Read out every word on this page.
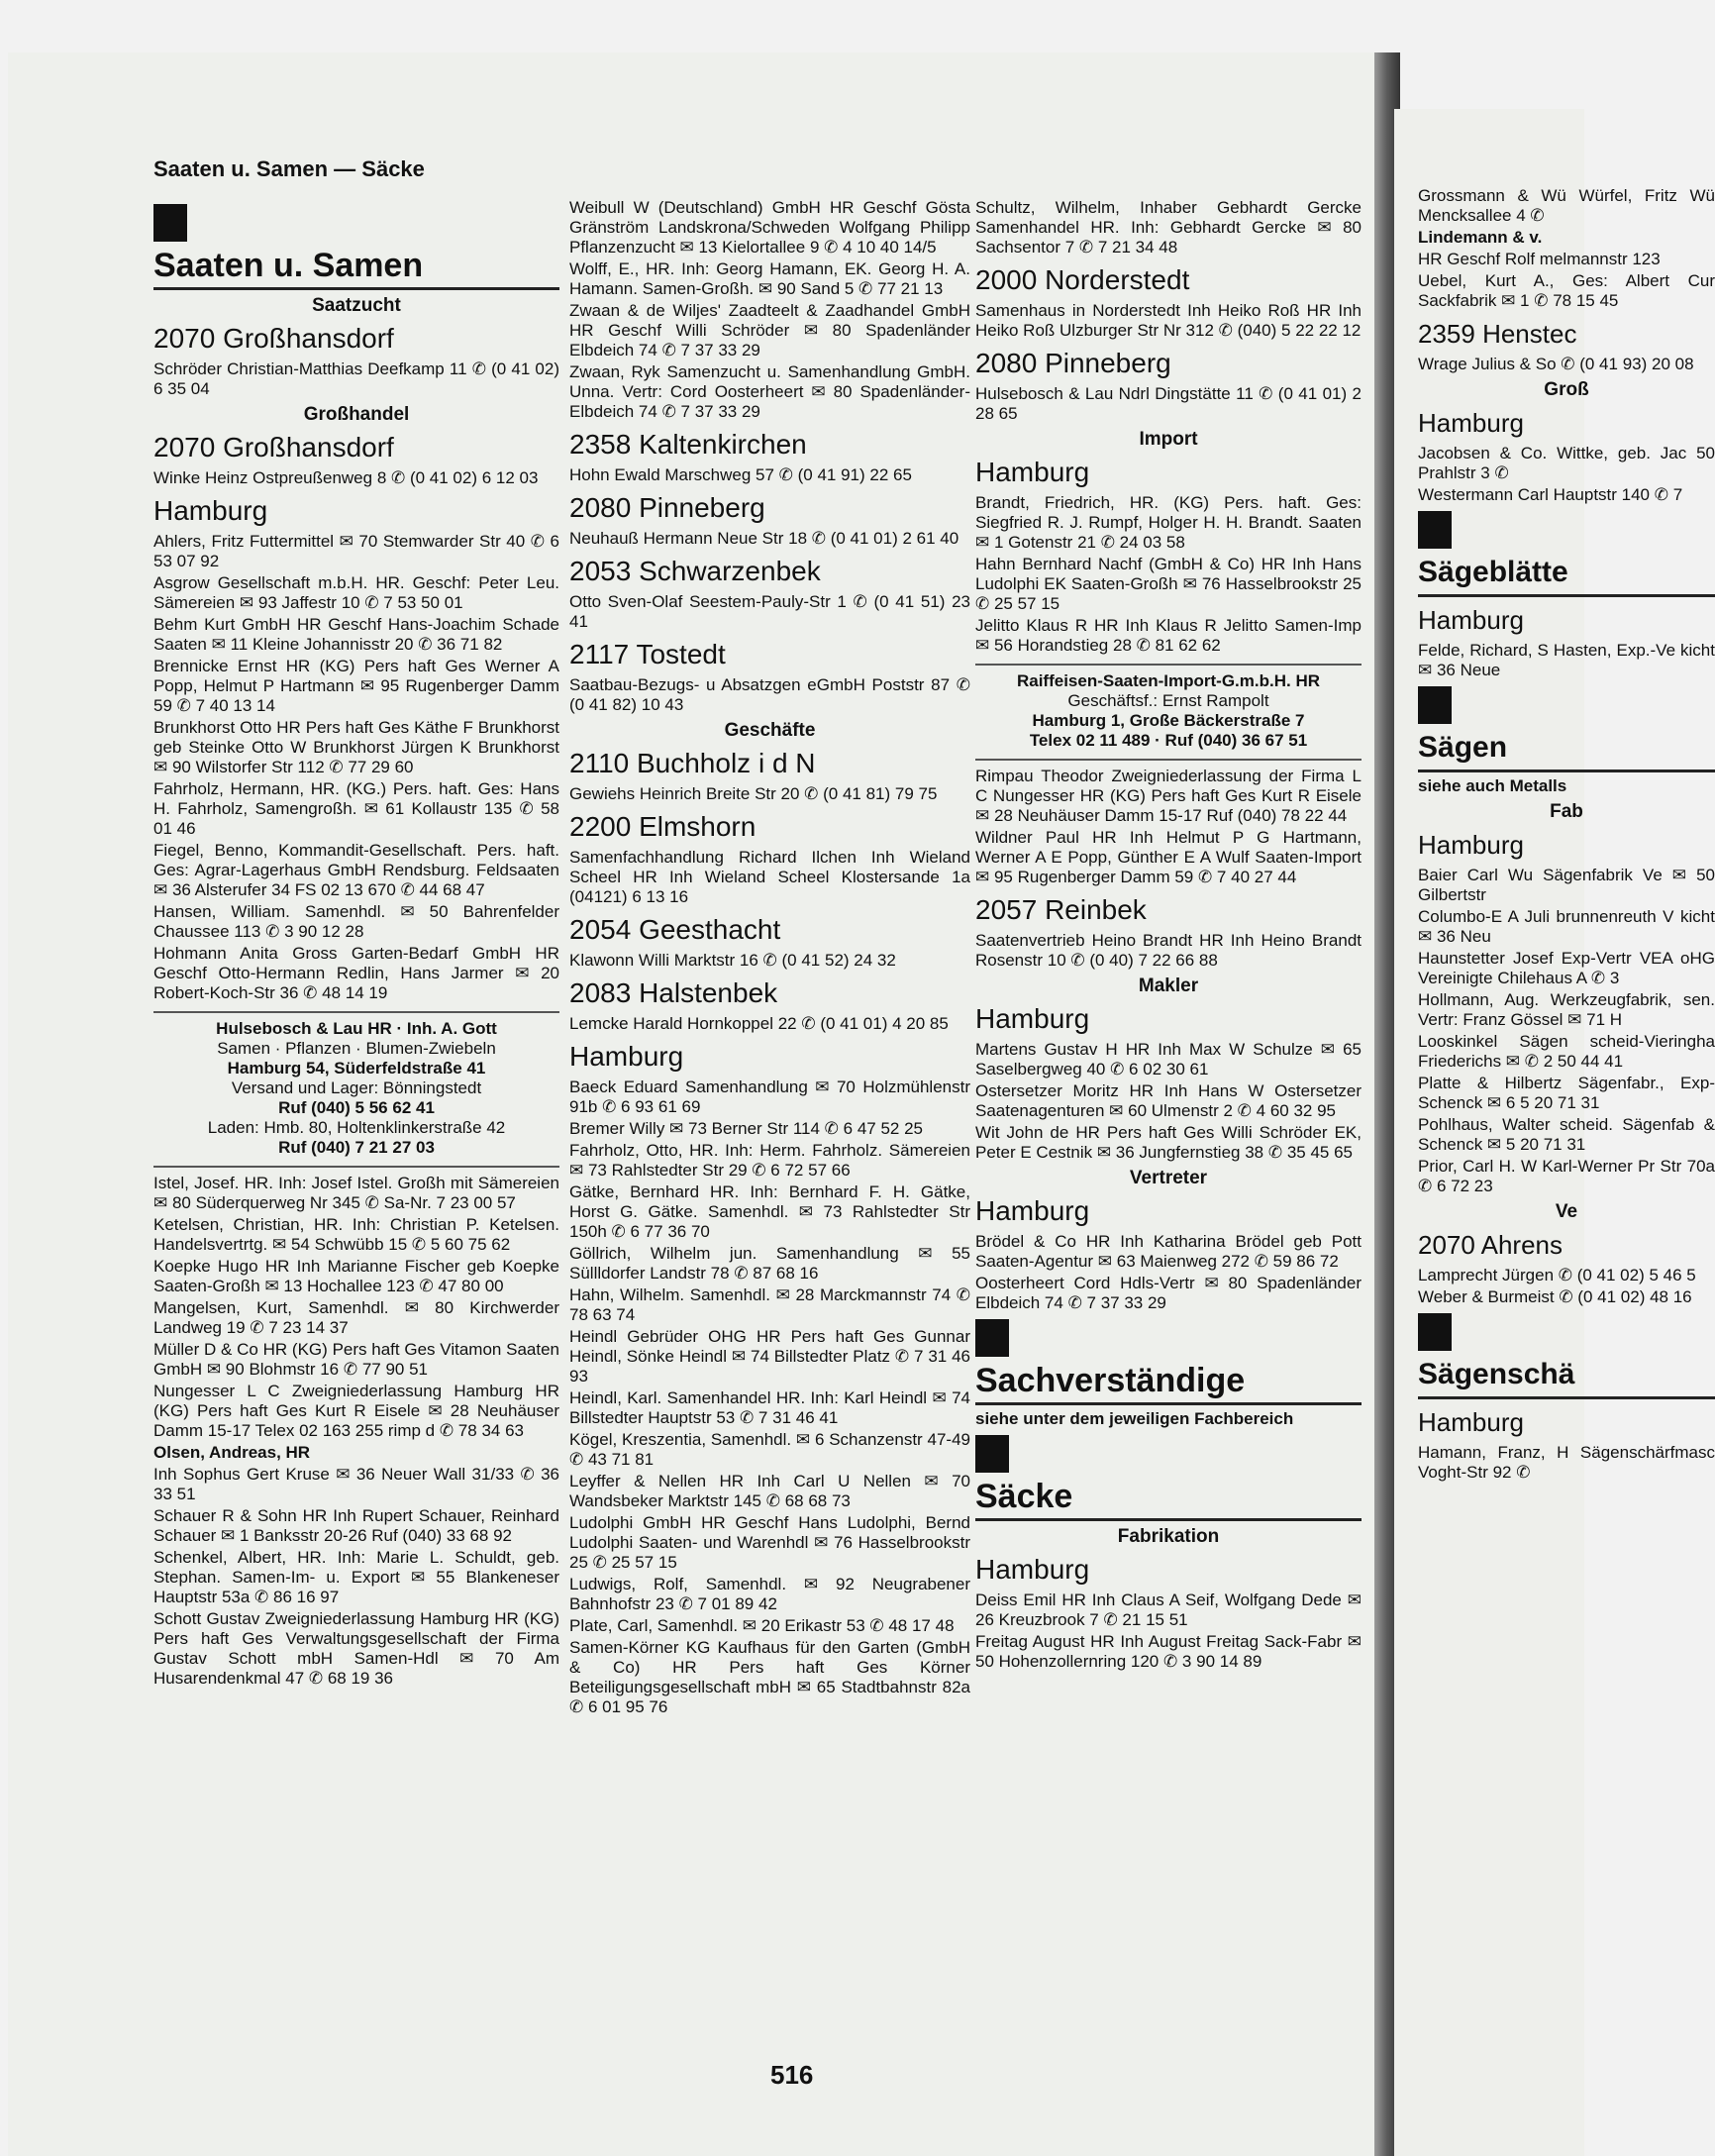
Saaten u. Samen — Säcke
Saaten u. Samen
Saatzucht
2070 Großhansdorf
Schröder Christian-Matthias Deefkamp 11 ✆ (0 41 02) 6 35 04
Großhandel
2070 Großhansdorf
Winke Heinz Ostpreußenweg 8 ✆ (0 41 02) 6 12 03
Hamburg
Ahlers, Fritz Futtermittel ✉ 70 Stemwarder Str 40 ✆ 6 53 07 92
Asgrow Gesellschaft m.b.H. HR. Geschf: Peter Leu. Sämereien ✉ 93 Jaffestr 10 ✆ 7 53 50 01
Behm Kurt GmbH HR Geschf Hans-Joachim Schade Saaten ✉ 11 Kleine Johannisstr 20 ✆ 36 71 82
Brennicke Ernst HR (KG) Pers haft Ges Werner A Popp, Helmut P Hartmann ✉ 95 Rugenberger Damm 59 ✆ 7 40 13 14
Brunkhorst Otto HR Pers haft Ges Käthe F Brunkhorst geb Steinke Otto W Brunkhorst Jürgen K Brunkhorst ✉ 90 Wilstorfer Str 112 ✆ 77 29 60
Fahrholz, Hermann, HR. (KG.) Pers. haft. Ges: Hans H. Fahrholz, Samengroßh. ✉ 61 Kollaustr 135 ✆ 58 01 46
Fiegel, Benno, Kommandit-Gesellschaft. Pers. haft. Ges: Agrar-Lagerhaus GmbH Rendsburg. Feldsaaten ✉ 36 Alsterufer 34 FS 02 13 670 ✆ 44 68 47
Hansen, William. Samenhdl. ✉ 50 Bahrenfelder Chaussee 113 ✆ 3 90 12 28
Hohmann Anita Gross Garten-Bedarf GmbH HR Geschf Otto-Hermann Redlin, Hans Jarmer ✉ 20 Robert-Koch-Str 36 ✆ 48 14 19
Hulsebosch & Lau HR · Inh. A. Gott
Samen · Pflanzen · Blumen-Zwiebeln
Hamburg 54, Süderfeldstraße 41
Versand und Lager: Bönningstedt
Ruf (040) 5 56 62 41
Laden: Hmb. 80, Holtenklinkerstraße 42
Ruf (040) 7 21 27 03
Istel, Josef. HR. Inh: Josef Istel. Großh mit Sämereien ✉ 80 Süderquerweg Nr 345 ✆ Sa-Nr. 7 23 00 57
Ketelsen, Christian, HR. Inh: Christian P. Ketelsen. Handelsvertrtg. ✉ 54 Schwübb 15 ✆ 5 60 75 62
Koepke Hugo HR Inh Marianne Fischer geb Koepke Saaten-Großh ✉ 13 Hochallee 123 ✆ 47 80 00
Mangelsen, Kurt, Samenhdl. ✉ 80 Kirchwerder Landweg 19 ✆ 7 23 14 37
Müller D & Co HR (KG) Pers haft Ges Vitamon Saaten GmbH ✉ 90 Blohmstr 16 ✆ 77 90 51
Nungesser L C Zweigniederlassung Hamburg HR (KG) Pers haft Ges Kurt R Eisele ✉ 28 Neuhäuser Damm 15-17 Telex 02 163 255 rimp d ✆ 78 34 63
Olsen, Andreas, HR
Inh Sophus Gert Kruse ✉ 36 Neuer Wall 31/33 ✆ 36 33 51
Schauer R & Sohn HR Inh Rupert Schauer, Reinhard Schauer ✉ 1 Banksstr 20-26 Ruf (040) 33 68 92
Schenkel, Albert, HR. Inh: Marie L. Schuldt, geb. Stephan. Samen-Im- u. Export ✉ 55 Blankeneser Hauptstr 53a ✆ 86 16 97
Schott Gustav Zweigniederlassung Hamburg HR (KG) Pers haft Ges Verwaltungsgesellschaft der Firma Gustav Schott mbH Samen-Hdl ✉ 70 Am Husarendenkmal 47 ✆ 68 19 36
Weibull W (Deutschland) GmbH HR Geschf Gösta Gränström Landskrona/Schweden Wolfgang Philipp Pflanzenzucht ✉ 13 Kielortallee 9 ✆ 4 10 40 14/5
Wolff, E., HR. Inh: Georg Hamann, EK. Georg H. A. Hamann. Samen-Großh. ✉ 90 Sand 5 ✆ 77 21 13
Zwaan & de Wiljes' Zaadteelt & Zaadhandel GmbH HR Geschf Willi Schröder ✉ 80 Spadenländer Elbdeich 74 ✆ 7 37 33 29
Zwaan, Ryk Samenzucht u. Samenhandlung GmbH. Unna. Vertr: Cord Oosterheert ✉ 80 Spadenländer-Elbdeich 74 ✆ 7 37 33 29
2358 Kaltenkirchen
Hohn Ewald Marschweg 57 ✆ (0 41 91) 22 65
2080 Pinneberg
Neuhauß Hermann Neue Str 18 ✆ (0 41 01) 2 61 40
2053 Schwarzenbek
Otto Sven-Olaf Seestem-Pauly-Str 1 ✆ (0 41 51) 23 41
2117 Tostedt
Saatbau-Bezugs- u Absatzgen eGmbH Poststr 87 ✆ (0 41 82) 10 43
Geschäfte
2110 Buchholz i d N
Gewiehs Heinrich Breite Str 20 ✆ (0 41 81) 79 75
2200 Elmshorn
Samenfachhandlung Richard Ilchen Inh Wieland Scheel HR Inh Wieland Scheel Klostersande 1a (04121) 6 13 16
2054 Geesthacht
Klawonn Willi Marktstr 16 ✆ (0 41 52) 24 32
2083 Halstenbek
Lemcke Harald Hornkoppel 22 ✆ (0 41 01) 4 20 85
Hamburg
Baeck Eduard Samenhandlung ✉ 70 Holzmühlenstr 91b ✆ 6 93 61 69
Bremer Willy ✉ 73 Berner Str 114 ✆ 6 47 52 25
Fahrholz, Otto, HR. Inh: Herm. Fahrholz. Sämereien ✉ 73 Rahlstedter Str 29 ✆ 6 72 57 66
Gätke, Bernhard HR. Inh: Bernhard F. H. Gätke, Horst G. Gätke. Samenhdl. ✉ 73 Rahlstedter Str 150h ✆ 6 77 36 70
Göllrich, Wilhelm jun. Samenhandlung ✉ 55 Süllldorfer Landstr 78 ✆ 87 68 16
Hahn, Wilhelm. Samenhdl. ✉ 28 Marckmannstr 74 ✆ 78 63 74
Heindl Gebrüder OHG HR Pers haft Ges Gunnar Heindl, Sönke Heindl ✉ 74 Billstedter Platz ✆ 7 31 46 93
Heindl, Karl. Samenhandel HR. Inh: Karl Heindl ✉ 74 Billstedter Hauptstr 53 ✆ 7 31 46 41
Kögel, Kreszentia, Samenhdl. ✉ 6 Schanzenstr 47-49 ✆ 43 71 81
Leyffer & Nellen HR Inh Carl U Nellen ✉ 70 Wandsbeker Marktstr 145 ✆ 68 68 73
Ludolphi GmbH HR Geschf Hans Ludolphi, Bernd Ludolphi Saaten- und Warenhdl ✉ 76 Hasselbrookstr 25 ✆ 25 57 15
Ludwigs, Rolf, Samenhdl. ✉ 92 Neugrabener Bahnhofstr 23 ✆ 7 01 89 42
Plate, Carl, Samenhdl. ✉ 20 Erikastr 53 ✆ 48 17 48
Samen-Körner KG Kaufhaus für den Garten (GmbH & Co) HR Pers haft Ges Körner Beteiligungsgesellschaft mbH ✉ 65 Stadtbahnstr 82a ✆ 6 01 95 76
Schultz, Wilhelm, Inhaber Gebhardt Gercke Samenhandel HR. Inh: Gebhardt Gercke ✉ 80 Sachsentor 7 ✆ 7 21 34 48
2000 Norderstedt
Samenhaus in Norderstedt Inh Heiko Roß HR Inh Heiko Roß Ulzburger Str Nr 312 ✆ (040) 5 22 22 12
2080 Pinneberg
Hulsebosch & Lau Ndrl Dingstätte 11 ✆ (0 41 01) 2 28 65
Import
Hamburg
Brandt, Friedrich, HR. (KG) Pers. haft. Ges: Siegfried R. J. Rumpf, Holger H. H. Brandt. Saaten ✉ 1 Gotenstr 21 ✆ 24 03 58
Hahn Bernhard Nachf (GmbH & Co) HR Inh Hans Ludolphi EK Saaten-Großh ✉ 76 Hasselbrookstr 25 ✆ 25 57 15
Jelitto Klaus R HR Inh Klaus R Jelitto Samen-Imp ✉ 56 Horandstieg 28 ✆ 81 62 62
Raiffeisen-Saaten-Import-G.m.b.H. HR
Geschäftsf.: Ernst Rampolt
Hamburg 1, Große Bäckerstraße 7
Telex 02 11 489 · Ruf (040) 36 67 51
Rimpau Theodor Zweigniederlassung der Firma L C Nungesser HR (KG) Pers haft Ges Kurt R Eisele ✉ 28 Neuhäuser Damm 15-17 Ruf (040) 78 22 44
Wildner Paul HR Inh Helmut P G Hartmann, Werner A E Popp, Günther E A Wulf Saaten-Import ✉ 95 Rugenberger Damm 59 ✆ 7 40 27 44
2057 Reinbek
Saatenvertrieb Heino Brandt HR Inh Heino Brandt Rosenstr 10 ✆ (0 40) 7 22 66 88
Makler
Hamburg
Martens Gustav H HR Inh Max W Schulze ✉ 65 Saselbergweg 40 ✆ 6 02 30 61
Ostersetzer Moritz HR Inh Hans W Ostersetzer Saatenagenturen ✉ 60 Ulmenstr 2 ✆ 4 60 32 95
Wit John de HR Pers haft Ges Willi Schröder EK, Peter E Cestnik ✉ 36 Jungfernstieg 38 ✆ 35 45 65
Vertreter
Hamburg
Brödel & Co HR Inh Katharina Brödel geb Pott Saaten-Agentur ✉ 63 Maienweg 272 ✆ 59 86 72
Oosterheert Cord Hdls-Vertr ✉ 80 Spadenländer Elbdeich 74 ✆ 7 37 33 29
Sachverständige
siehe unter dem jeweiligen Fachbereich
Säcke
Fabrikation
Hamburg
Deiss Emil HR Inh Claus A Seif, Wolfgang Dede ✉ 26 Kreuzbrook 7 ✆ 21 15 51
Freitag August HR Inh August Freitag Sack-Fabr ✉ 50 Hohenzollernring 120 ✆ 3 90 14 89
Grossmann & Wü Würfel, Fritz Wü Mencksallee 4 ✆
Lindemann & v.
HR Geschf Rolf melmannstr 123
Uebel, Kurt A., Ges: Albert Cur Sackfabrik ✉ 1 ✆ 78 15 45
2359 Henstec
Wrage Julius & So ✆ (0 41 93) 20 08
Groß
Hamburg
Jacobsen & Co. Wittke, geb. Jac 50 Prahlstr 3 ✆
Westermann Carl Hauptstr 140 ✆ 7
Sägeblätte
Hamburg
Felde, Richard, S Hasten, Exp.-Ve kicht ✉ 36 Neue
Sägen
siehe auch Metalls
Fab
Hamburg
Baier Carl Wu Sägenfabrik Ve ✉ 50 Gilbertstr
Columbo-E A Juli brunnenreuth V kicht ✉ 36 Neu
Haunstetter Josef Exp-Vertr VEA oHG Vereinigte Chilehaus A ✆ 3
Hollmann, Aug. Werkzeugfabrik, sen. Vertr: Franz Gössel ✉ 71 H
Looskinkel Sägen scheid-Vieringha Friederichs ✉ ✆ 2 50 44 41
Platte & Hilbertz Sägenfabr., Exp- Schenck ✉ 6 5 20 71 31
Pohlhaus, Walter scheid. Sägenfab & Schenck ✉ 5 20 71 31
Prior, Carl H. W Karl-Werner Pr Str 70a ✆ 6 72 23
Ve
2070 Ahrens
Lamprecht Jürgen ✆ (0 41 02) 5 46 5
Weber & Burmeist ✆ (0 41 02) 48 16
Sägenschä
Hamburg
Hamann, Franz, H Sägenschärfmasc Voght-Str 92 ✆
516
